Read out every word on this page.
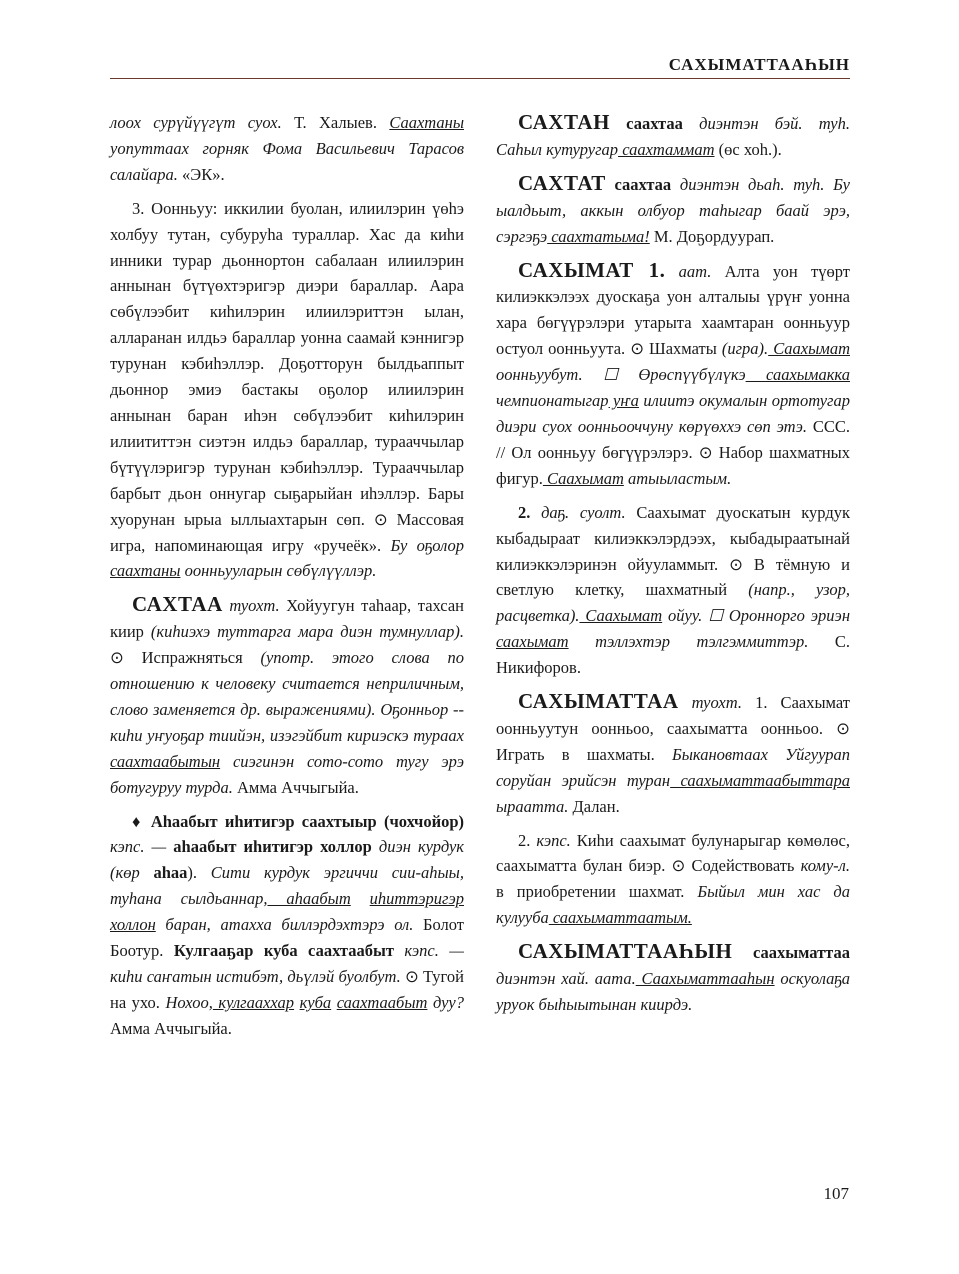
САХЫМАТТААҺЫН

лоох сурүйүүгүт суох. Т. Халыев. Саахтаны уопуттаах горняк Фома Васильевич Тарасов салайара. «ЭК».

3. Оонньуу: иккилии буолан, илиилэрин үөһэ холбуу тутан, субуруһа тураллар. Хас да киһи инники турар дьоннортон сабалаан илиилэрин аннынан бүтүөхтэригэр диэри бараллар. Аара сөбүлээбит киһилэрин илиилэриттэн ылан, алларанан илдьэ бараллар уонна саамай кэннигэр турунан кэбиһэллэр. Доҕотторун былдьаппыт дьоннор эмиэ бастакы оҕолор илиилэрин аннынан баран иһэн сөбүлээбит киһилэрин илиититтэн сиэтэн илдьэ бараллар, турааччылар бүтүүлэригэр турунан кэбиһэллэр. Турааччылар барбыт дьон оннугар сыҕарыйан иһэллэр. Бары хуорунан ырыа ыллыахтарын сөп. ⊙ Массовая игра, напоминающая игру «ручеёк». Бу оҕолор саахтаны оонньууларын сөбүлүүллэр.

САХТАА туохт. Хойуугун таһаар, тахсан киир (киһиэхэ туттарга мара диэн тумнуллар). ⊙ Испражняться (употр. этого слова по отношению к человеку считается неприличным, слово заменяется др. выражениями). Оҕонньор -- киһи уҥуоҕар тиийэн, изэгэйбит кириэскэ тураах саахтаабытын сиэгинэн сото-сото тугу эрэ ботугуруу турда. Амма Аччыгыйа.

♦ Аһаабыт иһитигэр саахтыыр (чохчойор) кэпс. — аһаабыт иһитигэр холлор диэн курдук (көр аһаа). Сити курдук эргиччи сии-аһыы, туһана сылдьаннар, аһаабыт иһиттэригэр холлон баран, атахха биллэрдэхтэрэ ол. Болот Боотур. Кулгааҕар куба саахтаабыт кэпс. — киһи саҥатын истибэт, дьүлэй буолбут. ⊙ Тугой на ухо. Нохоо, кулгааххар куба саахтаабыт дуу? Амма Аччыгыйа.

САХТАН саахтаа диэнтэн бэй. туһ. Саһыл кутуругар саахтаммат (өс хоһ.).

САХТАТ саахтаа диэнтэн дьаһ. туһ. Бу ыалдьыт, аккын олбуор таһыгар баай эрэ, сэргэҕэ саахтатыма! М. Доҕордуурап.

САХЫМАТ 1. аат. Алта уон түөрт килиэккэлээх дуоскаҕа уон алталыы үрүҥ уонна хара бөгүүрэлэри утарыта хаамтаран оонньуур остуол оонньуута. ⊙ Шахматы (игра). Саахымат оонньуубут. ☐ Өрөспүүбүлүкэ саахымакка чемпионатыгар уҥа илиитэ окумалын ортотугар диэри суох оонньооччуну көрүөххэ сөп этэ. ССС. // Ол оонньуу бөгүүрэлэрэ. ⊙ Набор шахматных фигур. Саахымат атыыластым.

2. даҕ. суолт. Саахымат дуоскатын курдук кыбадыраат килиэккэлэрдээх, кыбадыраатынай килиэккэлэринэн ойууламмыт. ⊙ В тёмную и светлую клетку, шахматный (напр., узор, расцветка). Саахымат ойуу. ☐ Оронноргo эриэн саахымат тэллэхтэр тэлгэммиттэр. С. Никифоров.

САХЫМАТТАА туохт. 1. Саахымат оонньуутун оонньоо, саахыматта оонньоо. ⊙ Играть в шахматы. Быкановтаах Уйгуурап соруйан эрийсэн туран саахыматтаабыттара ыраатта. Далан.

2. кэпс. Киһи саахымат булунарыгар көмөлөс, саахыматта булан биэр. ⊙ Содействовать кому-л. в приобретении шахмат. Быйыл мин хас да кулууба саахыматтаатым.

САХЫМАТТААҺЫН саахыматтаа диэнтэн хай. аата. Саахыматтааһын оскуолаҕа уруок быһыытынан киирдэ.

107
